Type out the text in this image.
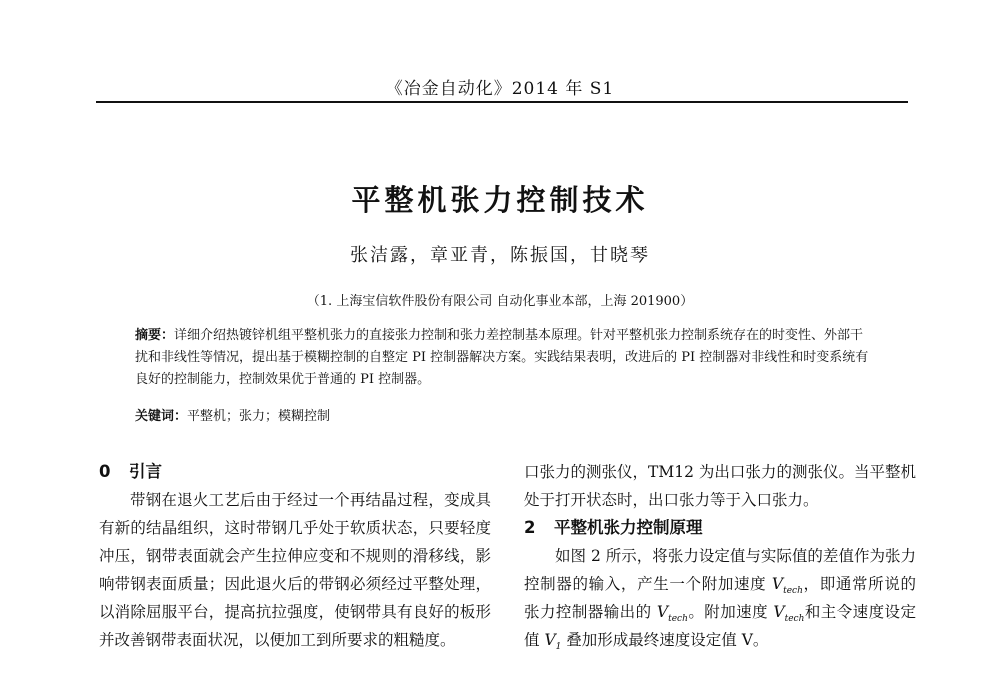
《冶金自动化》2014 年 S1
平整机张力控制技术
张洁露，章亚青，陈振国，甘晓琴
（1. 上海宝信软件股份有限公司 自动化事业本部，上海 201900）
摘要：详细介绍热镀锌机组平整机张力的直接张力控制和张力差控制基本原理。针对平整机张力控制系统存在的时变性、外部干扰和非线性等情况，提出基于模糊控制的自整定 PI 控制器解决方案。实践结果表明，改进后的 PI 控制器对非线性和时变系统有良好的控制能力，控制效果优于普通的 PI 控制器。
关键词：平整机；张力；模糊控制
0 引言

带钢在退火工艺后由于经过一个再结晶过程，变成具有新的结晶组织，这时带钢几乎处于软质状态，只要轻度冲压，钢带表面就会产生拉伸应变和不规则的滑移线，影响带钢表面质量；因此退火后的带钢必须经过平整处理，以消除屈服平台，提高抗拉强度，使钢带具有良好的板形并改善钢带表面状况，以便加工到所要求的粗糙度。

口张力的测张仪，TM12 为出口张力的测张仪。当平整机处于打开状态时，出口张力等于入口张力。

2 平整机张力控制原理

如图 2 所示，将张力设定值与实际值的差值作为张力控制器的输入，产生一个附加速度 $V_{tech}$，即通常所说的张力控制器输出的 $V_{tech}$。附加速度 $V_{tech}$和主令速度设定值 $V_1$ 叠加形成最终速度设定值 V。
